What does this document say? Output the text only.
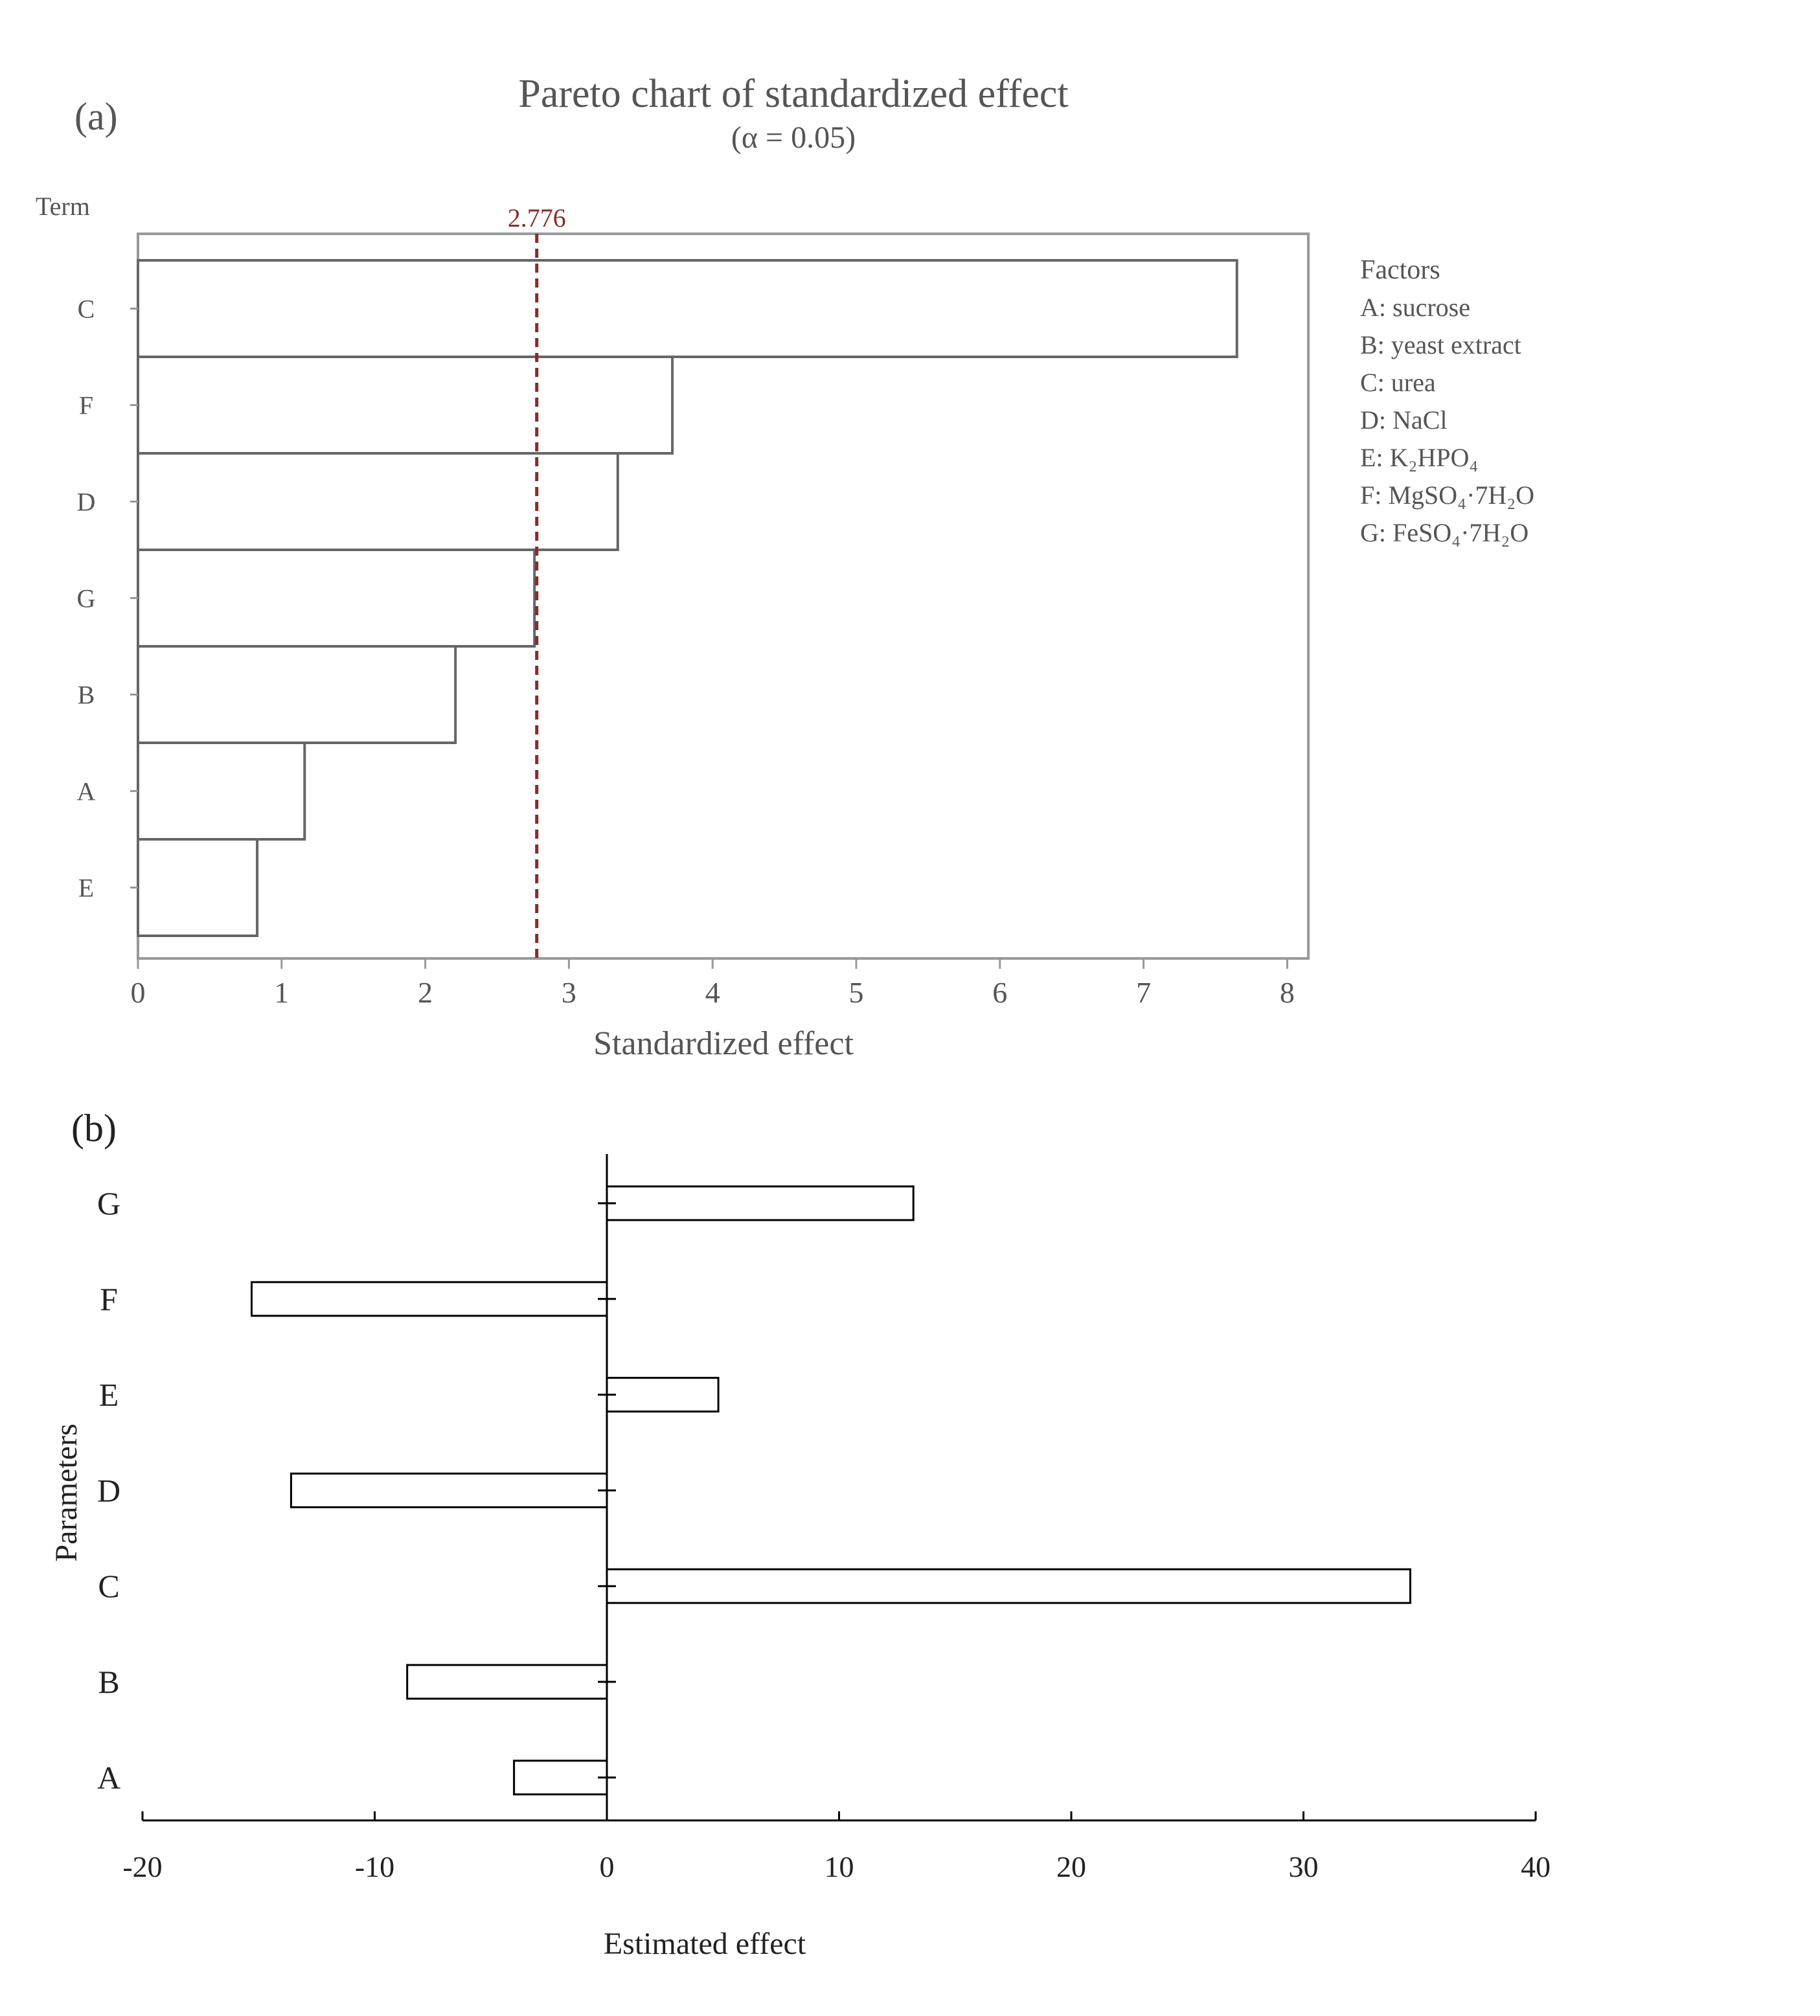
(a)
Pareto chart of standardized effect
(α = 0.05)
Term
C
F
D
G
B
A
E
0	1	2	3	4	5	6	7	8
2.776
Standardized effect
Factors
A: sucrose
B: yeast extract
C: urea
D: NaCl
E: K₂HPO₄
F: MgSO₄·7H₂O
G: FeSO₄·7H₂O
(b)
G
F
E
D
C
B
A
-20	-10	0	10	20	30	40
Parameters
Estimated effect
